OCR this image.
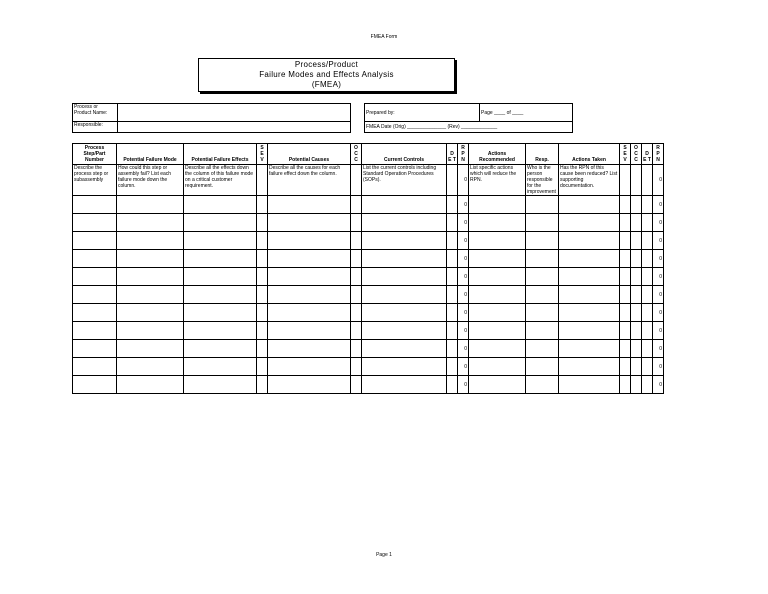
FMEA Form
Process/Product
Failure Modes and Effects Analysis
(FMEA)
Process or Product Name:	
Responsible:	
Prepared by:	Page ____ of ____
FMEA Date (Orig) ______________ (Rev) _____________
Process Step/Part Number	Potential Failure Mode	Potential Failure Effects	S E V	Potential Causes	O C C	Current Controls	D E T	R P N	Actions Recommended	Resp.	Actions Taken	S E V	O C C	D E T	R P N
Describe the process step or subassembly	How could this step or assembly fail? List each failure mode down the column.	Describe all the effects down the column of this failure mode on a critical customer requirement.		Describe all the causes for each failure effect down the column.		List the current controls including Standard Operation Procedures (SOPs).		0	List specific actions which will reduce the RPN.	Who is the person responsible for the improvement	Has the RPN of this cause been reduced? List supporting documentation.				0
								0							0
								0							0
								0							0
								0							0
								0							0
								0							0
								0							0
								0							0
								0							0
								0							0
								0							0
Page 1
